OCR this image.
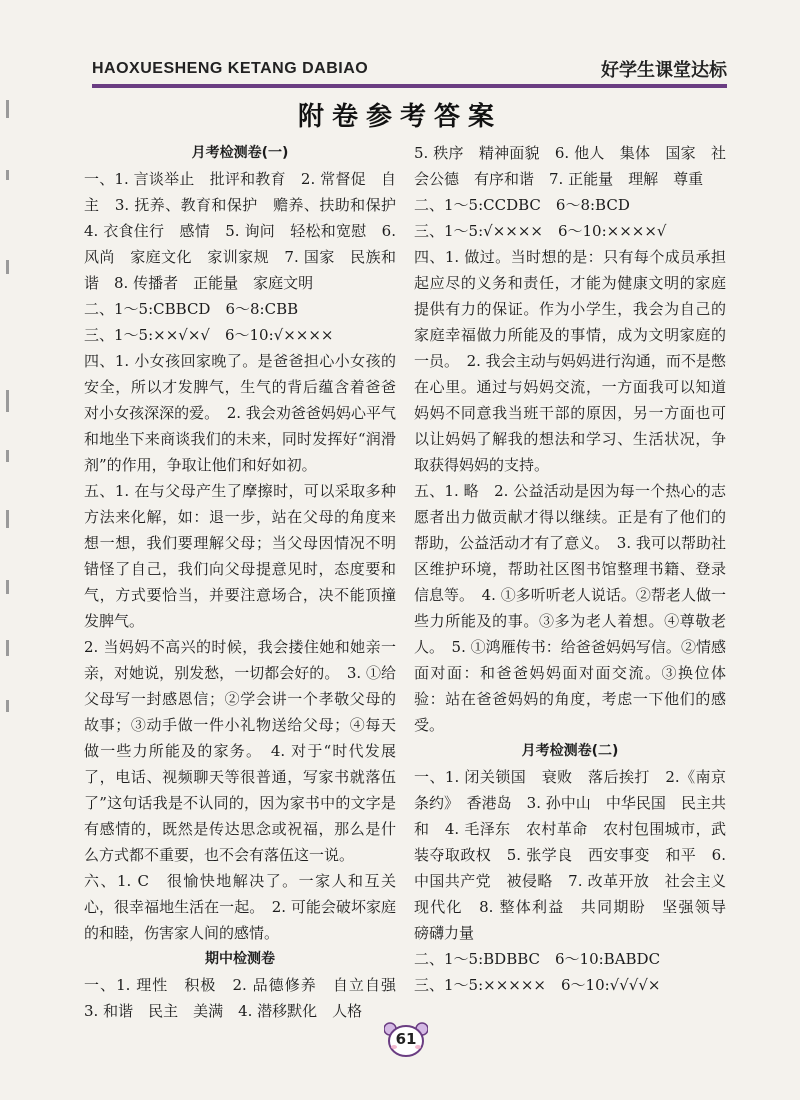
HAOXUESHENG KETANG DABIAO	好学生课堂达标
附卷参考答案
月考检测卷(一)
一、1. 言谈举止　批评和教育　2. 常督促　自主　3. 抚养、教育和保护　赡养、扶助和保护　4. 衣食住行　感情　5. 询问　轻松和宽慰　6. 风尚　家庭文化　家训家规　7. 国家　民族和谐　8. 传播者　正能量　家庭文明
二、1～5:CBBCD　6～8:CBB
三、1～5:××√×√　6～10:√××××
四、1. 小女孩回家晚了。是爸爸担心小女孩的安全，所以才发脾气，生气的背后蕴含着爸爸对小女孩深深的爱。　2. 我会劝爸爸妈妈心平气和地坐下来商谈我们的未来，同时发挥好“润滑剂”的作用，争取让他们和好如初。
五、1. 在与父母产生了摩擦时，可以采取多种方法来化解，如：退一步，站在父母的角度来想一想，我们要理解父母；当父母因情况不明错怪了自己，我们向父母提意见时，态度要和气，方式要恰当，并要注意场合，决不能顶撞发脾气。
2. 当妈妈不高兴的时候，我会搂住她和她亲一亲，对她说，别发愁，一切都会好的。　3. ①给父母写一封感恩信；②学会讲一个孝敬父母的故事；③动手做一件小礼物送给父母；④每天做一些力所能及的家务。　4. 对于“时代发展了，电话、视频聊天等很普通，写家书就落伍了”这句话我是不认同的，因为家书中的文字是有感情的，既然是传达思念或祝福，那么是什么方式都不重要，也不会有落伍这一说。
六、1. C　很愉快地解决了。一家人和互关心，很幸福地生活在一起。　2. 可能会破坏家庭的和睦，伤害家人间的感情。
期中检测卷
一、1. 理性　积极　2. 品德修养　自立自强　3. 和谐　民主　美满　4. 潜移默化　人格
5. 秩序　精神面貌　6. 他人　集体　国家　社会公德　有序和谐　7. 正能量　理解　尊重
二、1～5:CCDBC　6～8:BCD
三、1～5:√××××　6～10:××××√
四、1. 做过。当时想的是：只有每个成员承担起应尽的义务和责任，才能为健康文明的家庭提供有力的保证。作为小学生，我会为自己的家庭幸福做力所能及的事情，成为文明家庭的一员。　2. 我会主动与妈妈进行沟通，而不是憋在心里。通过与妈妈交流，一方面我可以知道妈妈不同意我当班干部的原因，另一方面也可以让妈妈了解我的想法和学习、生活状况，争取获得妈妈的支持。
五、1. 略　2. 公益活动是因为每一个热心的志愿者出力做贡献才得以继续。正是有了他们的帮助，公益活动才有了意义。　3. 我可以帮助社区维护环境，帮助社区图书馆整理书籍、登录信息等。　4. ①多听听老人说话。②帮老人做一些力所能及的事。③多为老人着想。④尊敬老人。　5. ①鸿雁传书：给爸爸妈妈写信。②情感面对面：和爸爸妈妈面对面交流。③换位体验：站在爸爸妈妈的角度，考虑一下他们的感受。
月考检测卷(二)
一、1. 闭关锁国　衰败　落后挨打　2.《南京条约》　香港岛　3. 孙中山　中华民国　民主共和　4. 毛泽东　农村革命　农村包围城市，武装夺取政权　5. 张学良　西安事变　和平　6. 中国共产党　被侵略　7. 改革开放　社会主义现代化　8. 整体利益　共同期盼　坚强领导　磅礴力量
二、1～5:BDBBC　6～10:BABDC
三、1～5:×××××　6～10:√√√√×
61
